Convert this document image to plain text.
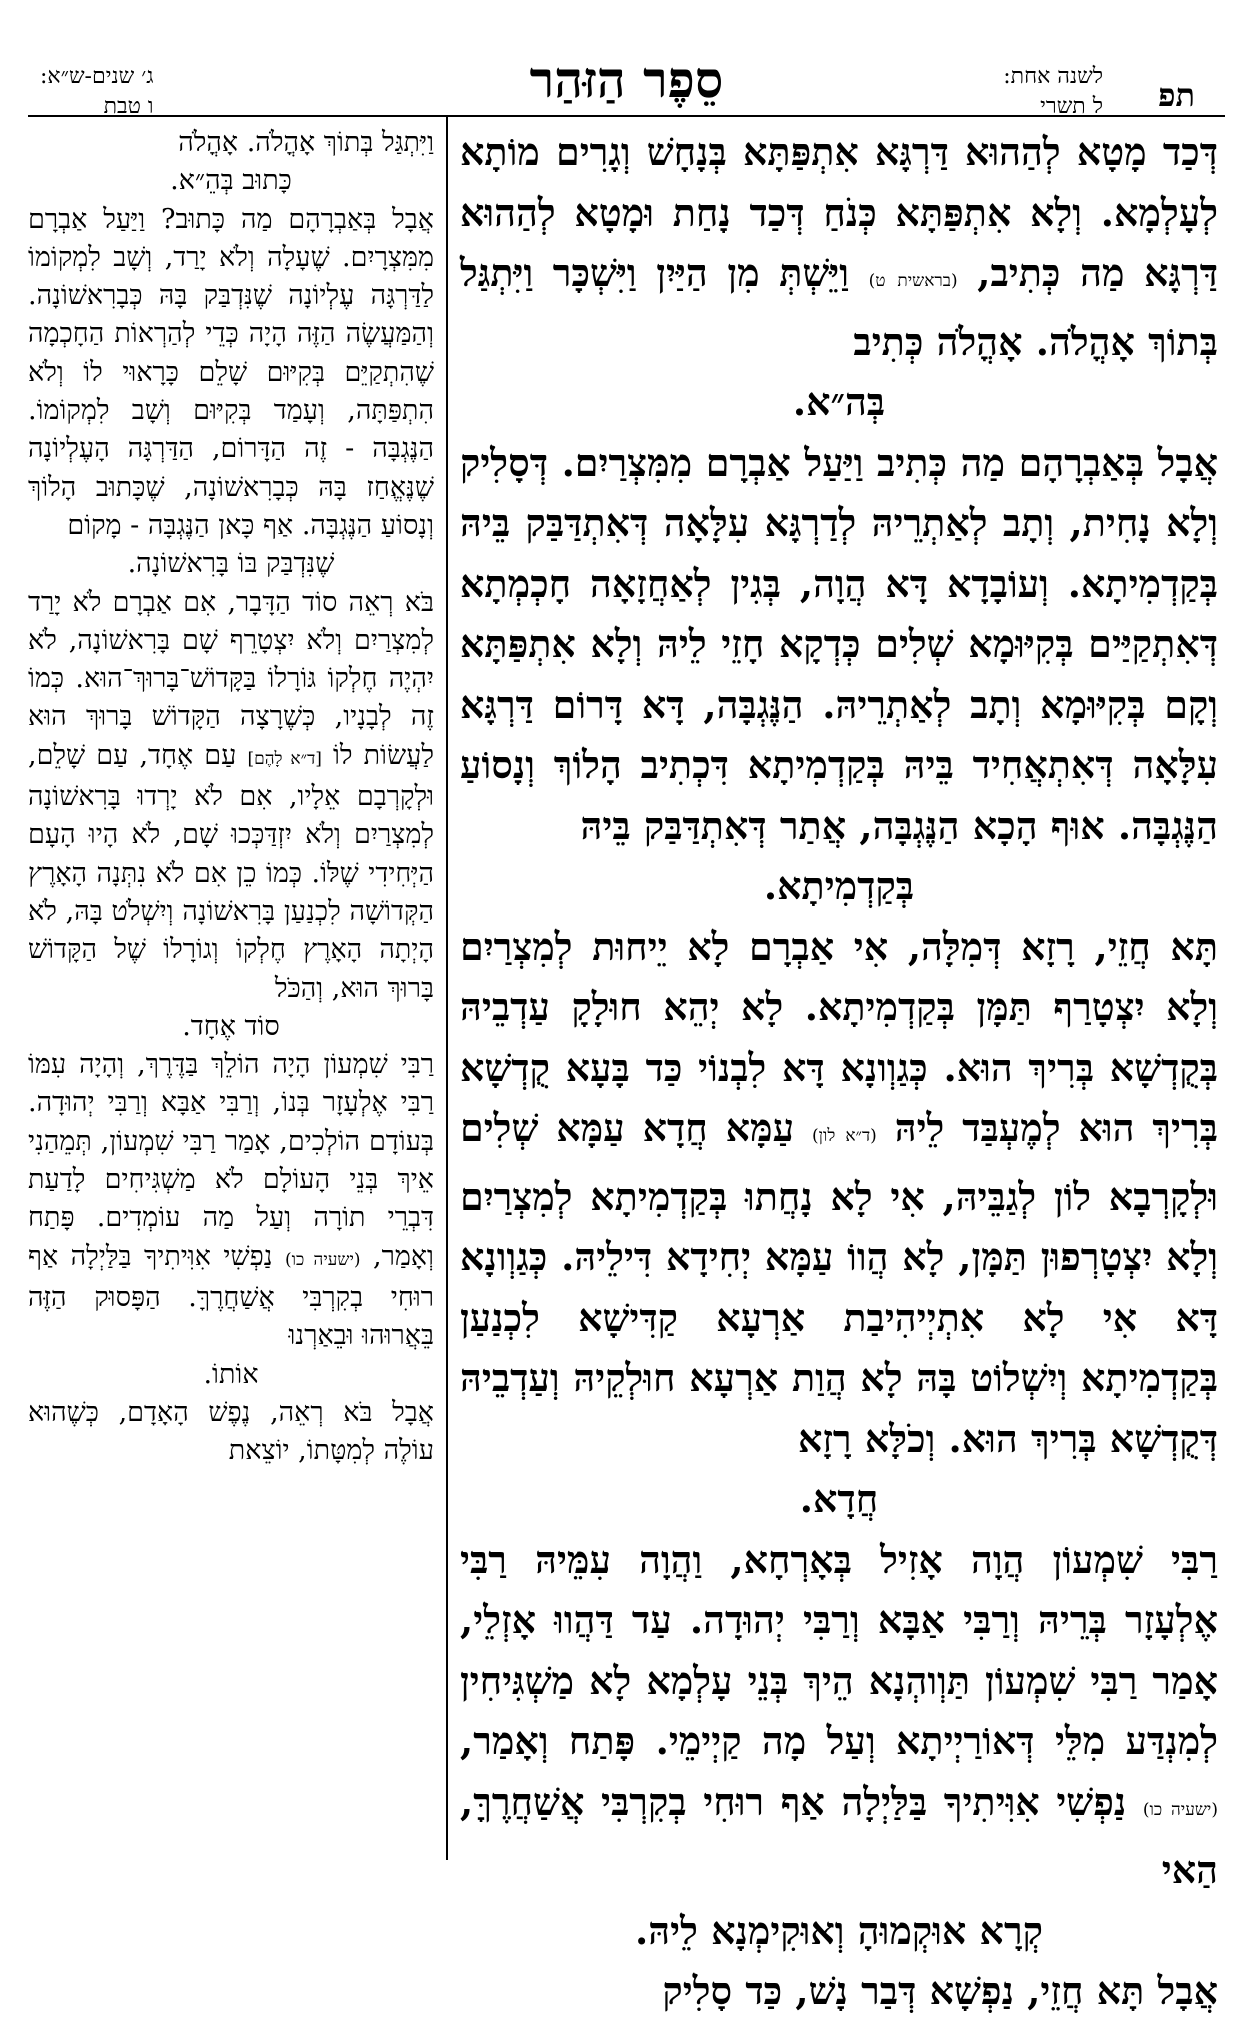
תפ
לשנה אחת:
ל תשרי
סֵפֶר הַזּהַר
ג׳ שנים-ש״א:
ו טבת

דְּכַד מָטָא לְהַהוּא דַּרְגָּא אִתְפַּתָּא בְּנָחָשׁ וְגָרִים מוֹתָא לְעָלְמָא. וְלָא אִתְפַּתָּא כְּנֹחַ דְּכַד נָחַת וּמָטָא לְהַהוּא דַּרְגָּא מַה כְּתִיב, (בראשית ט) וַיֵּשְׁתְּ מִן הַיַּיִן וַיִּשְׁכָּר וַיִּתְגַּל בְּתוֹךְ אָהֳלֹה. אָהֳלֹה כְּתִיב

בְּה״א.

אֲבָל בְּאַבְרָהָם מַה כְּתִיב וַיַּעַל אַבְרָם מִמִּצְרַיִם. דְּסָלִיק וְלָא נָחִית, וְתָב לְאַתְרֵיהּ לְדַרְגָּא עִלָּאָה דְּאִתְדַּבַּק בֵּיהּ בְּקַדְמִיתָא. וְעוֹבָדָא דָּא הֲוָה, בְּגִין לְאַחֲזָאָה חָכְמְתָא דְּאִתְקַיַּים בְּקִיּוּמָא שְׁלִים כְּדְקָא חָזֵי לֵיהּ וְלָא אִתְפַּתָּא וְקָם בְּקִיּוּמָא וְתָב לְאַתְרֵיהּ. הַנֶּגְבָּה, דָּא דָּרוֹם דַּרְגָּא עִלָּאָה דְּאִתְאֲחִיד בֵּיהּ בְּקַדְמִיתָא דִּכְתִיב הָלוֹךְ וְנָסוֹעַ הַנֶּגְבָּה. אוּף הָכָא הַנֶּגְבָּה, אֲתַר דְּאִתְדַּבַּק בֵּיהּ

בְּקַדְמִיתָא.

תָּא חֲזֵי, רָזָא דְּמִלָּה, אִי אַבְרָם לָא יֵיחוּת לְמִצְרַיִם וְלָא יִצְטָרַף תַּמָּן בְּקַדְמִיתָא. לָא יְהֵא חוּלָקָ עַדְבֵיהּ בְּקֻדְשָׁא בְּרִיךְ הוּא. כְּגַוְונָא דָּא לִבְנוֹי כַּד בָּעָא קֻדְשָׁא בְּרִיךְ הוּא לְמֶעְבַּד לֵיהּ (ד״א לון) עַמָּא חֲדָא עַמָּא שְׁלִים וּלְקָרְבָא לוֹן לְגַבֵּיהּ, אִי לָא נָחֲתוּ בְּקַדְמִיתָא לְמִצְרַיִם וְלָא יִצְטָרְפוּן תַּמָּן, לָא הֲווֹ עַמָּא יְחִידָא דִּילֵיהּ. כְּגַוְונָא דָּא אִי לָא אִתְיְיהִיבַת אַרְעָא קַדִּישָׁא לִכְנַעַן בְּקַדְמִיתָא וְיִשְׁלוֹט בָּהּ לָא הֲוַת אַרְעָא חוּלְקֵיהּ וְעַדְבֵיהּ דְּקֻדְשָׁא בְּרִיךְ הוּא. וְכֹלָּא רָזָא

חֲדָא.

רַבִּי שִׁמְעוֹן הֲוָה אָזִיל בְּאָרְחָא, וַהֲוָה עִמֵּיהּ רַבִּי אֶלְעָזָר בְּרֵיהּ וְרַבִּי אַבָּא וְרַבִּי יְהוּדָה. עַד דַּהֲווּ אָזְלֵי, אָמַר רַבִּי שִׁמְעוֹן תַּוְוהְנָא הֵיךְ בְּנֵי עָלְמָא לָא מַשְׁגִּיחִין לְמִנְדַּע מִלֵּי דְּאוֹרַיְיתָא וְעַל מָה קַיְימֵי. פָּתַח וְאָמַר, (ישעיה כו) נַפְשִׁי אִוִּיתִיךָ בַּלַּיְלָה אַף רוּחִי בְקִרְבִּי אֲשַׁחֲרֶךָּ, הַאי

קְרָא אוּקְמוּהָ וְאוּקִימְנָא לֵיהּ.

אֲבָל תָּא חֲזֵי, נַפְשָׁא דְּבַר נָשׁ, כַּד סָלִיק

וַיִּתְגַּל בְּתוֹךְ אָהֳלֹה. אָהֳלֹה

כָּתוּב בְּהֵ״א.

אֲבָל בְּאַבְרָהָם מַה כָּתוּב? וַיַּעַל אַבְרָם מִמִּצְרָיִם. שֶׁעָלָה וְלֹא יָרַד, וְשָׁב לִמְקוֹמוֹ לַדַּרְגָּה עֶלְיוֹנָה שֶׁנִּדְבַּק בָּהּ כְּבָרִאשׁוֹנָה. וְהַמַּעֲשֶׂה הַזֶּה הָיָה כְּדֵי לְהַרְאוֹת הַחָכְמָה שֶׁהִתְקַיֵּם בְּקִיּוּם שָׁלֵם כָּרָאוּי לוֹ וְלֹא הִתְפַּתָּה, וְעָמַד בְּקִיּוּם וְשָׁב לִמְקוֹמוֹ. הַנֶּגְבָּה - זֶה הַדָּרוֹם, הַדַּרְגָּה הָעֶלְיוֹנָה שֶׁנֶּאֱחַז בָּהּ כְּבָרִאשׁוֹנָה, שֶׁכָּתוּב הָלוֹךְ וְנָסוֹעַ הַנֶּגְבָּה. אַף כָּאן הַנֶּגְבָּה - מָקוֹם

שֶׁנִּדְבַּק בּוֹ בָּרִאשׁוֹנָה.

בֹּא רְאֵה סוֹד הַדָּבָר, אִם אַבְרָם לֹא יָרַד לְמִצְרַיִם וְלֹא יִצְטָרֵף שָׁם בָּרִאשׁוֹנָה, לֹא יִהְיֶה חֶלְקוֹ גּוֹרָלוֹ בַּקָּדוֹשׁ־בָּרוּךְ־הוּא. כְּמוֹ זֶה לְבָנָיו, כְּשֶׁרָצָה הַקָּדוֹשׁ בָּרוּךְ הוּא לַעֲשׂוֹת לוֹ [ד״א לָהֶם] עַם אֶחָד, עַם שָׁלֵם, וּלְקָרְבָם אֵלָיו, אִם לֹא יָרְדוּ בָּרִאשׁוֹנָה לְמִצְרַיִם וְלֹא יִזְדַּכְּכוּ שָׁם, לֹא הָיוּ הָעָם הַיְּחִידִי שֶׁלּוֹ. כְּמוֹ כֵן אִם לֹא נִתְּנָה הָאָרֶץ הַקְּדוֹשָׁה לִכְנַעַן בָּרִאשׁוֹנָה וְיִשְׁלֹט בָּהּ, לֹא הָיְתָה הָאָרֶץ חֶלְקוֹ וְגוֹרָלוֹ שֶׁל הַקָּדוֹשׁ בָּרוּךְ הוּא, וְהַכֹּל

סוֹד אֶחָד.

רַבִּי שִׁמְעוֹן הָיָה הוֹלֵךְ בַּדֶּרֶךְ, וְהָיָה עִמּוֹ רַבִּי אֶלְעָזָר בְּנוֹ, וְרַבִּי אַבָּא וְרַבִּי יְהוּדָה. בְּעוֹדָם הוֹלְכִים, אָמַר רַבִּי שִׁמְעוֹן, תְּמֵהַנִי אֵיךְ בְּנֵי הָעוֹלָם לֹא מַשְׁגִּיחִים לָדַעַת דִּבְרֵי תוֹרָה וְעַל מַה עוֹמְדִים. פָּתַח וְאָמַר, (ישעיה כו) נַפְשִׁי אִוִּיתִיךָ בַּלַּיְלָה אַף רוּחִי בְקִרְבִּי אֲשַׁחֲרֶךָּ. הַפָּסוּק הַזֶּה בֵּאֲרוּהוּ וּבֵאַרְנוּ

אוֹתוֹ.

אֲבָל בֹּא רְאֵה, נֶפֶשׁ הָאָדָם, כְּשֶׁהוּא עוֹלֶה לְמִטָּתוֹ, יוֹצֵאת
